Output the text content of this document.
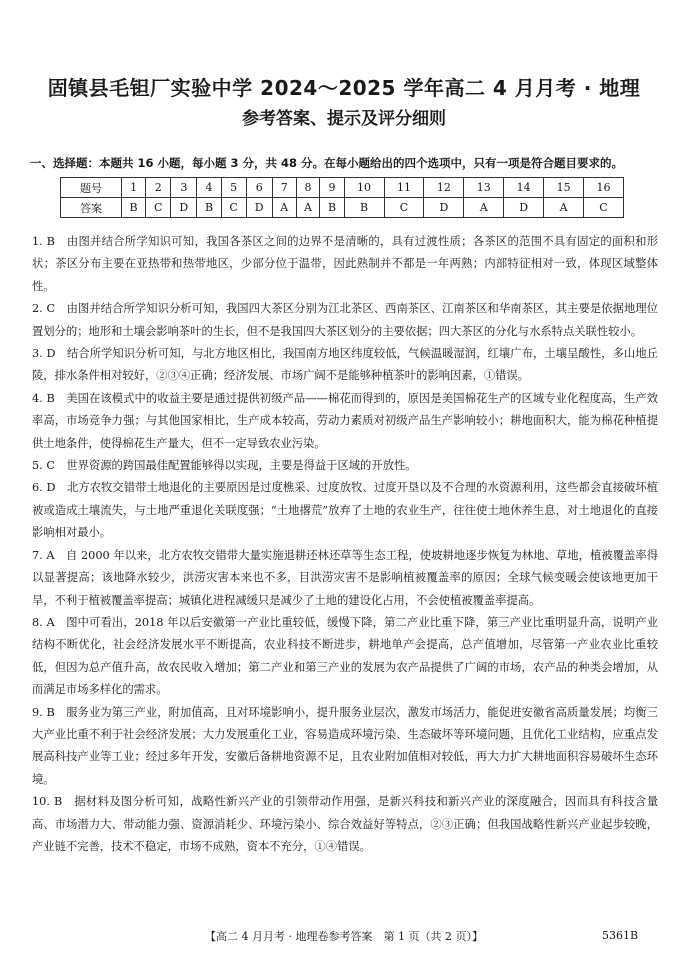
固镇县毛钽厂实验中学 2024～2025 学年高二 4 月月考 · 地理
参考答案、提示及评分细则
一、选择题：本题共 16 小题，每小题 3 分，共 48 分。在每小题给出的四个选项中，只有一项是符合题目要求的。
题号	1	2	3	4	5	6	7	8	9	10	11	12	13	14	15	16
答案	B	C	D	B	C	D	A	A	B	B	C	D	A	D	A	C

1. B　 由图并结合所学知识可知，我国各茶区之间的边界不是清晰的，具有过渡性质；各茶区的范围不具有固定的面积和形状；茶区分布主要在亚热带和热带地区，少部分位于温带，因此熟制并不都是一年两熟；内部特征相对一致，体现区域整体性。

2. C　 由图并结合所学知识分析可知，我国四大茶区分别为江北茶区、西南茶区、江南茶区和华南茶区，其主要是依据地理位置划分的；地形和土壤会影响茶叶的生长，但不是我国四大茶区划分的主要依据；四大茶区的分化与水系特点关联性较小。

3. D　 结合所学知识分析可知，与北方地区相比，我国南方地区纬度较低，气候温暖湿润，红壤广布，土壤呈酸性，多山地丘陵，排水条件相对较好，②③④正确；经济发展、市场广阔不是能够种植茶叶的影响因素，①错误。

4. B　 美国在该模式中的收益主要是通过提供初级产品——棉花而得到的，原因是美国棉花生产的区域专业化程度高，生产效率高，市场竞争力强；与其他国家相比，生产成本较高，劳动力素质对初级产品生产影响较小；耕地面积大，能为棉花种植提供土地条件，使得棉花生产量大，但不一定导致农业污染。

5. C　 世界资源的跨国最佳配置能够得以实现，主要是得益于区域的开放性。

6. D　 北方农牧交错带土地退化的主要原因是过度樵采、过度放牧、过度开垦以及不合理的水资源利用，这些都会直接破坏植被或造成土壤流失，与土地严重退化关联度强；“土地撂荒”放弃了土地的农业生产，往往使土地休养生息，对土地退化的直接影响相对最小。

7. A　 自 2000 年以来，北方农牧交错带大量实施退耕还林还草等生态工程，使坡耕地逐步恢复为林地、草地，植被覆盖率得以显著提高；该地降水较少，洪涝灾害本来也不多，目洪涝灾害不是影响植被覆盖率的原因；全球气候变暖会使该地更加干旱，不利于植被覆盖率提高；城镇化进程减缓只是减少了土地的建设化占用，不会使植被覆盖率提高。

8. A　 图中可看出，2018 年以后安徽第一产业比重较低，缓慢下降，第二产业比重下降，第三产业比重明显升高，说明产业结构不断优化，社会经济发展水平不断提高，农业科技不断进步，耕地单产会提高，总产值增加，尽管第一产业农业比重较低，但因为总产值升高，故农民收入增加；第二产业和第三产业的发展为农产品提供了广阔的市场，农产品的种类会增加，从而满足市场多样化的需求。

9. B　 服务业为第三产业，附加值高，且对环境影响小，提升服务业层次，激发市场活力，能促进安徽省高质量发展；均衡三大产业比重不利于社会经济发展；大力发展重化工业，容易造成环境污染、生态破坏等环境问题，且优化工业结构，应重点发展高科技产业等工业；经过多年开发，安徽后备耕地资源不足，且农业附加值相对较低，再大力扩大耕地面积容易破坏生态环境。

10. B　 据材料及图分析可知，战略性新兴产业的引领带动作用强，是新兴科技和新兴产业的深度融合，因而具有科技含量高、市场潜力大、带动能力强、资源消耗少、环境污染小、综合效益好等特点，②③正确；但我国战略性新兴产业起步较晚，产业链不完善，技术不稳定，市场不成熟，资本不充分，①④错误。

【高二 4 月月考 · 地理卷参考答案　第 1 页（共 2 页）】	5361B
